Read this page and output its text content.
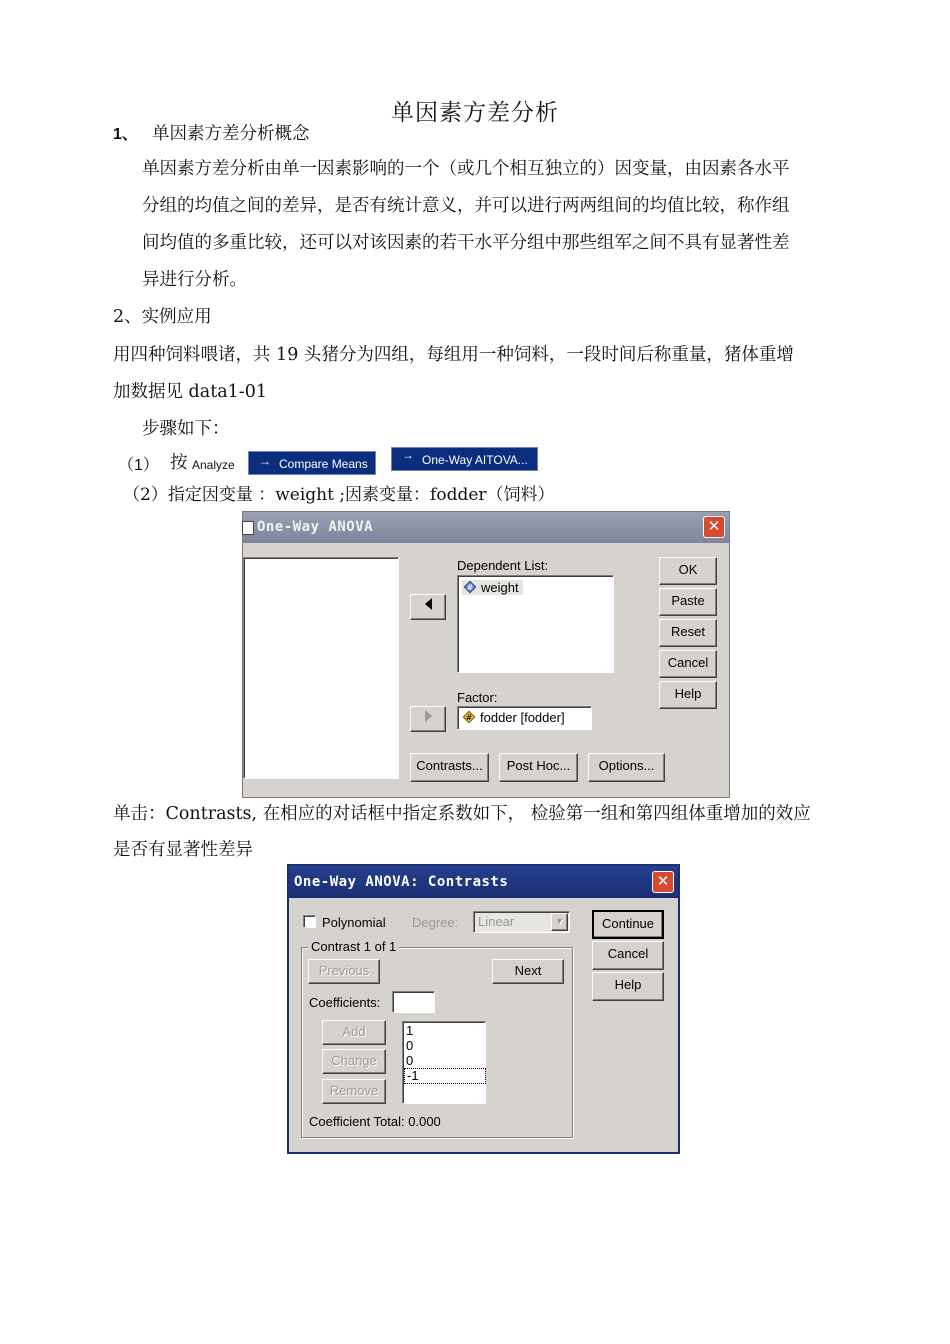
单因素方差分析
1、 单因素方差分析概念
单因素方差分析由单一因素影响的一个（或几个相互独立的）因变量，由因素各水平
分组的均值之间的差异，是否有统计意义，并可以进行两两组间的均值比较，称作组
间均值的多重比较，还可以对该因素的若干水平分组中那些组军之间不具有显著性差
异进行分析。
2、实例应用
用四种饲料喂诸，共 19 头猪分为四组，每组用一种饲料，一段时间后称重量，猪体重增
加数据见 data1-01
步骤如下：
（1） 按 Analyze → Compare Means
→ One-Way AITOVA...
（2）指定因变量 ：weight ;因素变量：fodder（饲料）
One-Way ANOVA	✕
Dependent List:
# weight
Factor:
# fodder [fodder]
OK
Paste
Reset
Cancel
Help
Contrasts...	Post Hoc...	Options...
单击：Contrasts, 在相应的对话框中指定系数如下， 检验第一组和第四组体重增加的效应
是否有显著性差异
One-Way ANOVA: Contrasts	✕
Polynomial Degree: Linear	▼
Contrast 1 of 1
Previous	Next
Coefficients:
Add
Change
Remove
1
0
0
-1
Coefficient Total: 0.000
Continue
Cancel
Help
